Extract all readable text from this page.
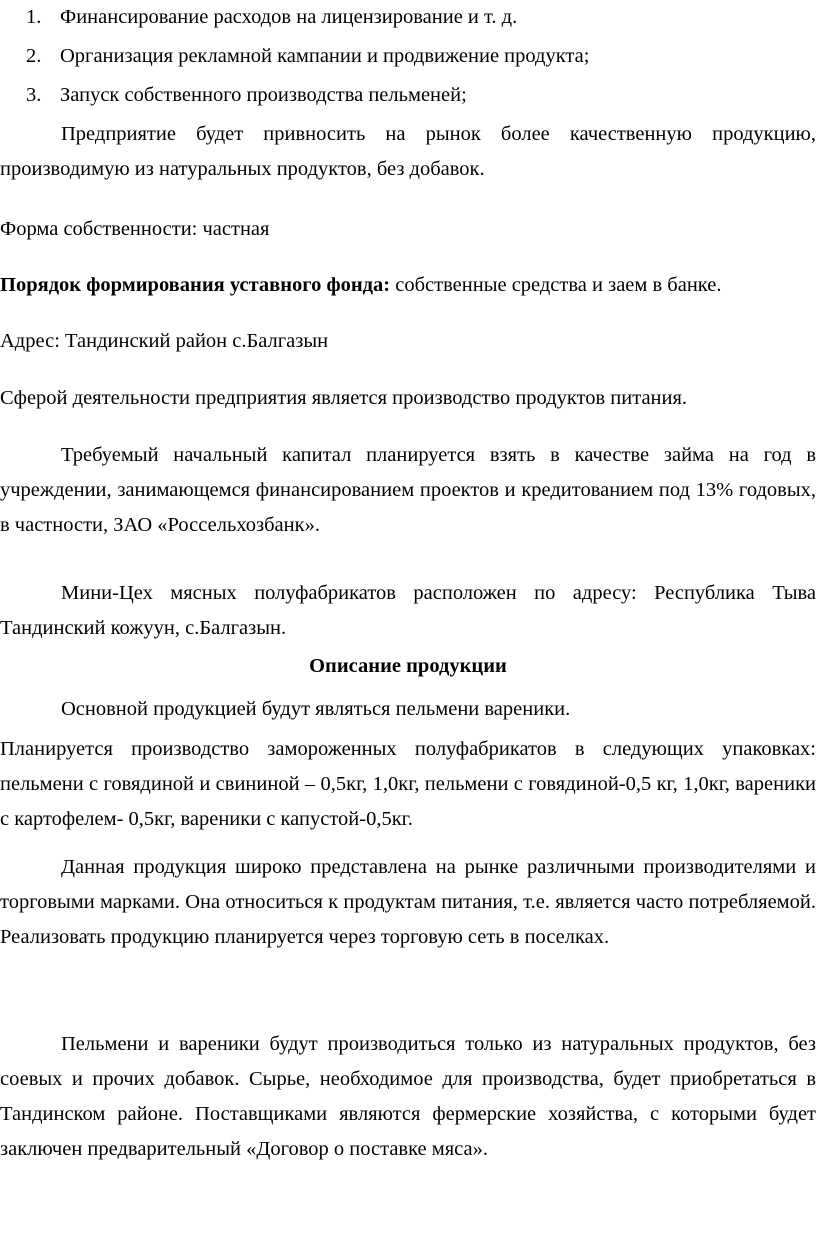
1. Финансирование расходов на лицензирование и т. д.
2. Организация рекламной кампании и продвижение продукта;
3. Запуск собственного производства пельменей;

Предприятие будет привносить на рынок более качественную продукцию, производимую из натуральных продуктов, без добавок.

Форма собственности: частная

Порядок формирования уставного фонда: собственные средства и заем в банке.

Адрес: Тандинский район с.Балгазын

Сферой деятельности предприятия является производство продуктов питания.

Требуемый начальный капитал планируется взять в качестве займа на год в учреждении, занимающемся финансированием проектов и кредитованием под 13% годовых, в частности, ЗАО «Россельхозбанк».

Мини-Цех мясных полуфабрикатов расположен по адресу: Республика Тыва Тандинский кожуун, с.Балгазын.

Описание продукции

Основной продукцией будут являться пельмени вареники.

Планируется производство замороженных полуфабрикатов в следующих упаковках: пельмени с говядиной и свининой – 0,5кг, 1,0кг, пельмени с говядиной-0,5 кг, 1,0кг, вареники с картофелем- 0,5кг, вареники с капустой-0,5кг.

Данная продукция широко представлена на рынке различными производителями и торговыми марками. Она относиться к продуктам питания, т.е. является часто потребляемой. Реализовать продукцию планируется через торговую сеть в поселках.

Пельмени и вареники будут производиться только из натуральных продуктов, без соевых и прочих добавок. Сырье, необходимое для производства, будет приобретаться в Тандинском районе. Поставщиками являются фермерские хозяйства, с которыми будет заключен предварительный «Договор о поставке мяса».
